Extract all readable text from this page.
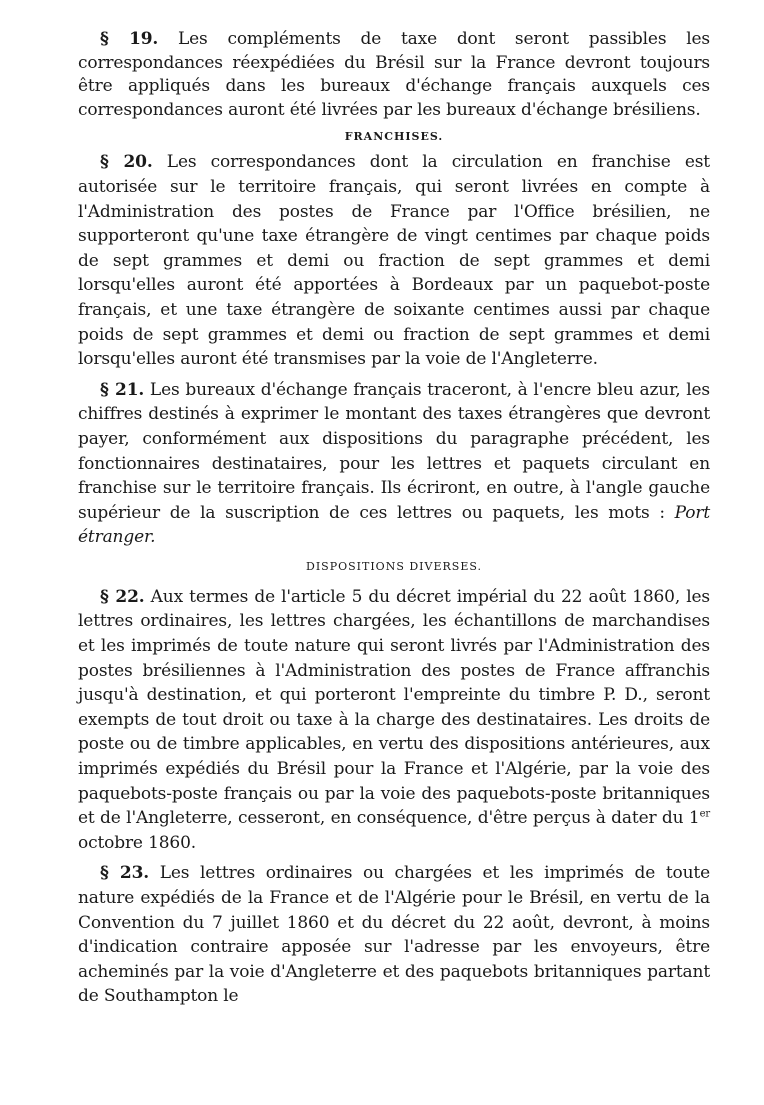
§ 19. Les compléments de taxe dont seront passibles les correspondances réexpédiées du Brésil sur la France devront toujours être appliqués dans les bureaux d'échange français auxquels ces correspondances auront été livrées par les bureaux d'échange brésiliens.

FRANCHISES.

§ 20. Les correspondances dont la circulation en franchise est autorisée sur le territoire français, qui seront livrées en compte à l'Administration des postes de France par l'Office brésilien, ne supporteront qu'une taxe étrangère de vingt centimes par chaque poids de sept grammes et demi ou fraction de sept grammes et demi lorsqu'elles auront été apportées à Bordeaux par un paquebot-poste français, et une taxe étrangère de soixante centimes aussi par chaque poids de sept grammes et demi ou fraction de sept grammes et demi lorsqu'elles auront été transmises par la voie de l'Angleterre.

§ 21. Les bureaux d'échange français traceront, à l'encre bleu azur, les chiffres destinés à exprimer le montant des taxes étrangères que devront payer, conformément aux dispositions du paragraphe précédent, les fonctionnaires destinataires, pour les lettres et paquets circulant en franchise sur le territoire français. Ils écriront, en outre, à l'angle gauche supérieur de la suscription de ces lettres ou paquets, les mots : Port étranger.

DISPOSITIONS DIVERSES.

§ 22. Aux termes de l'article 5 du décret impérial du 22 août 1860, les lettres ordinaires, les lettres chargées, les échantillons de marchandises et les imprimés de toute nature qui seront livrés par l'Administration des postes brésiliennes à l'Administration des postes de France affranchis jusqu'à destination, et qui porteront l'empreinte du timbre P. D., seront exempts de tout droit ou taxe à la charge des destinataires. Les droits de poste ou de timbre applicables, en vertu des dispositions antérieures, aux imprimés expédiés du Brésil pour la France et l'Algérie, par la voie des paquebots-poste français ou par la voie des paquebots-poste britanniques et de l'Angleterre, cesseront, en conséquence, d'être perçus à dater du 1er octobre 1860.

§ 23. Les lettres ordinaires ou chargées et les imprimés de toute nature expédiés de la France et de l'Algérie pour le Brésil, en vertu de la Convention du 7 juillet 1860 et du décret du 22 août, devront, à moins d'indication contraire apposée sur l'adresse par les envoyeurs, être acheminés par la voie d'Angleterre et des paquebots britanniques partant de Southampton le
